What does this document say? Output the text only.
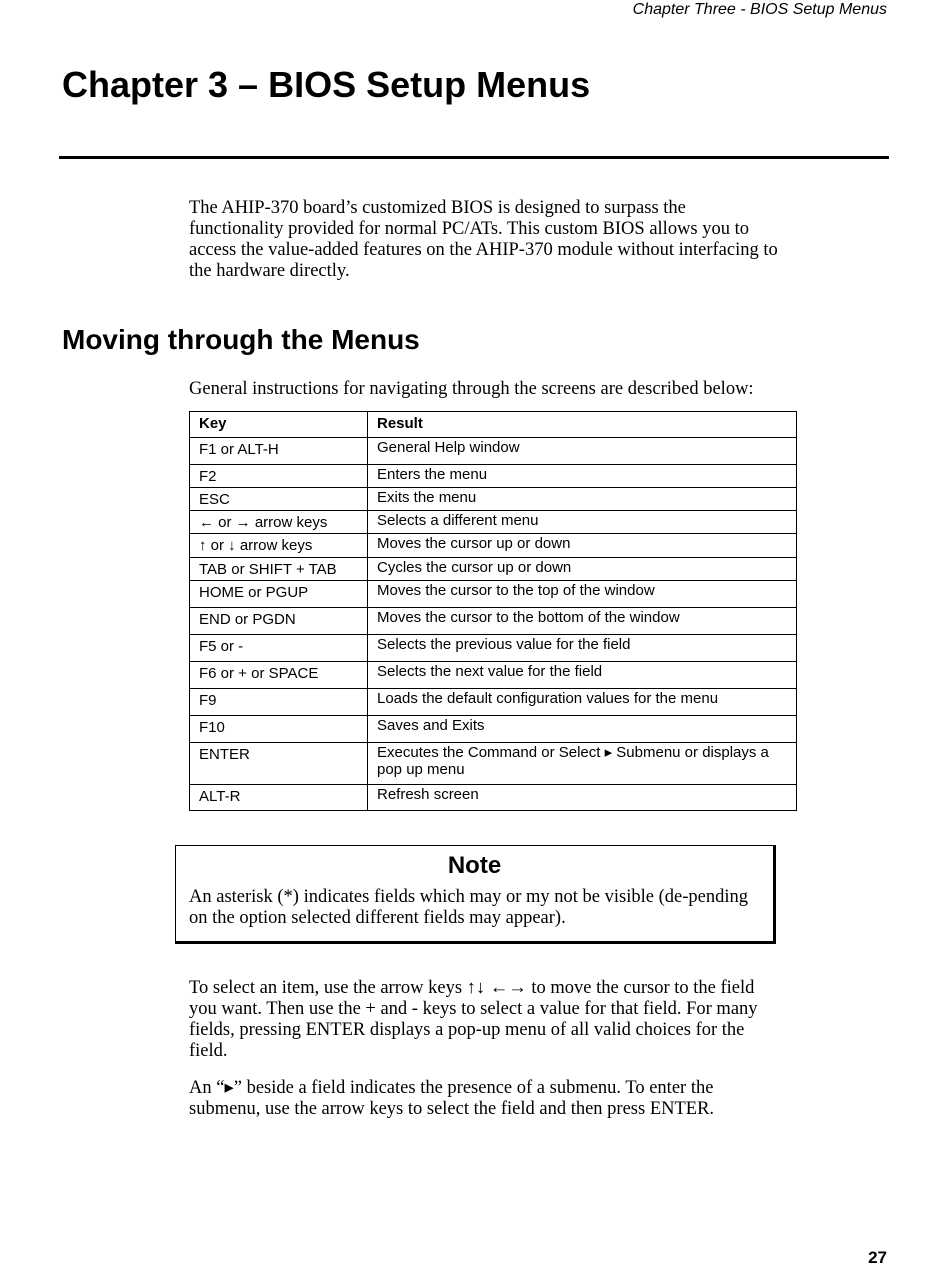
Chapter Three - BIOS Setup Menus
Chapter 3 – BIOS Setup Menus

The AHIP-370 board’s customized BIOS is designed to surpass the functionality provided for normal PC/ATs. This custom BIOS allows you to access the value-added features on the AHIP-370 module without interfacing to the hardware directly.

Moving through the Menus

General instructions for navigating through the screens are described below:

Key	Result
F1 or ALT-H	General Help window
F2	Enters the menu
ESC	Exits the menu
← or → arrow keys	Selects a different menu
↑ or ↓ arrow keys	Moves the cursor up or down
TAB or SHIFT + TAB	Cycles the cursor up or down
HOME or PGUP	Moves the cursor to the top of the window
END or PGDN	Moves the cursor to the bottom of the window
F5 or -	Selects the previous value for the field
F6 or + or SPACE	Selects the next value for the field
F9	Loads the default configuration values for the menu
F10	Saves and Exits
ENTER	Executes the Command or Select ▸ Submenu or displays a pop up menu
ALT-R	Refresh screen
Note
An asterisk (*) indicates fields which may or my not be visible (de-pending on the option selected different fields may appear).

To select an item, use the arrow keys ↑↓ ←→ to move the cursor to the field you want. Then use the + and - keys to select a value for that field. For many fields, pressing ENTER displays a pop-up menu of all valid choices for the field.

An “▸” beside a field indicates the presence of a submenu. To enter the submenu, use the arrow keys to select the field and then press ENTER.

27
